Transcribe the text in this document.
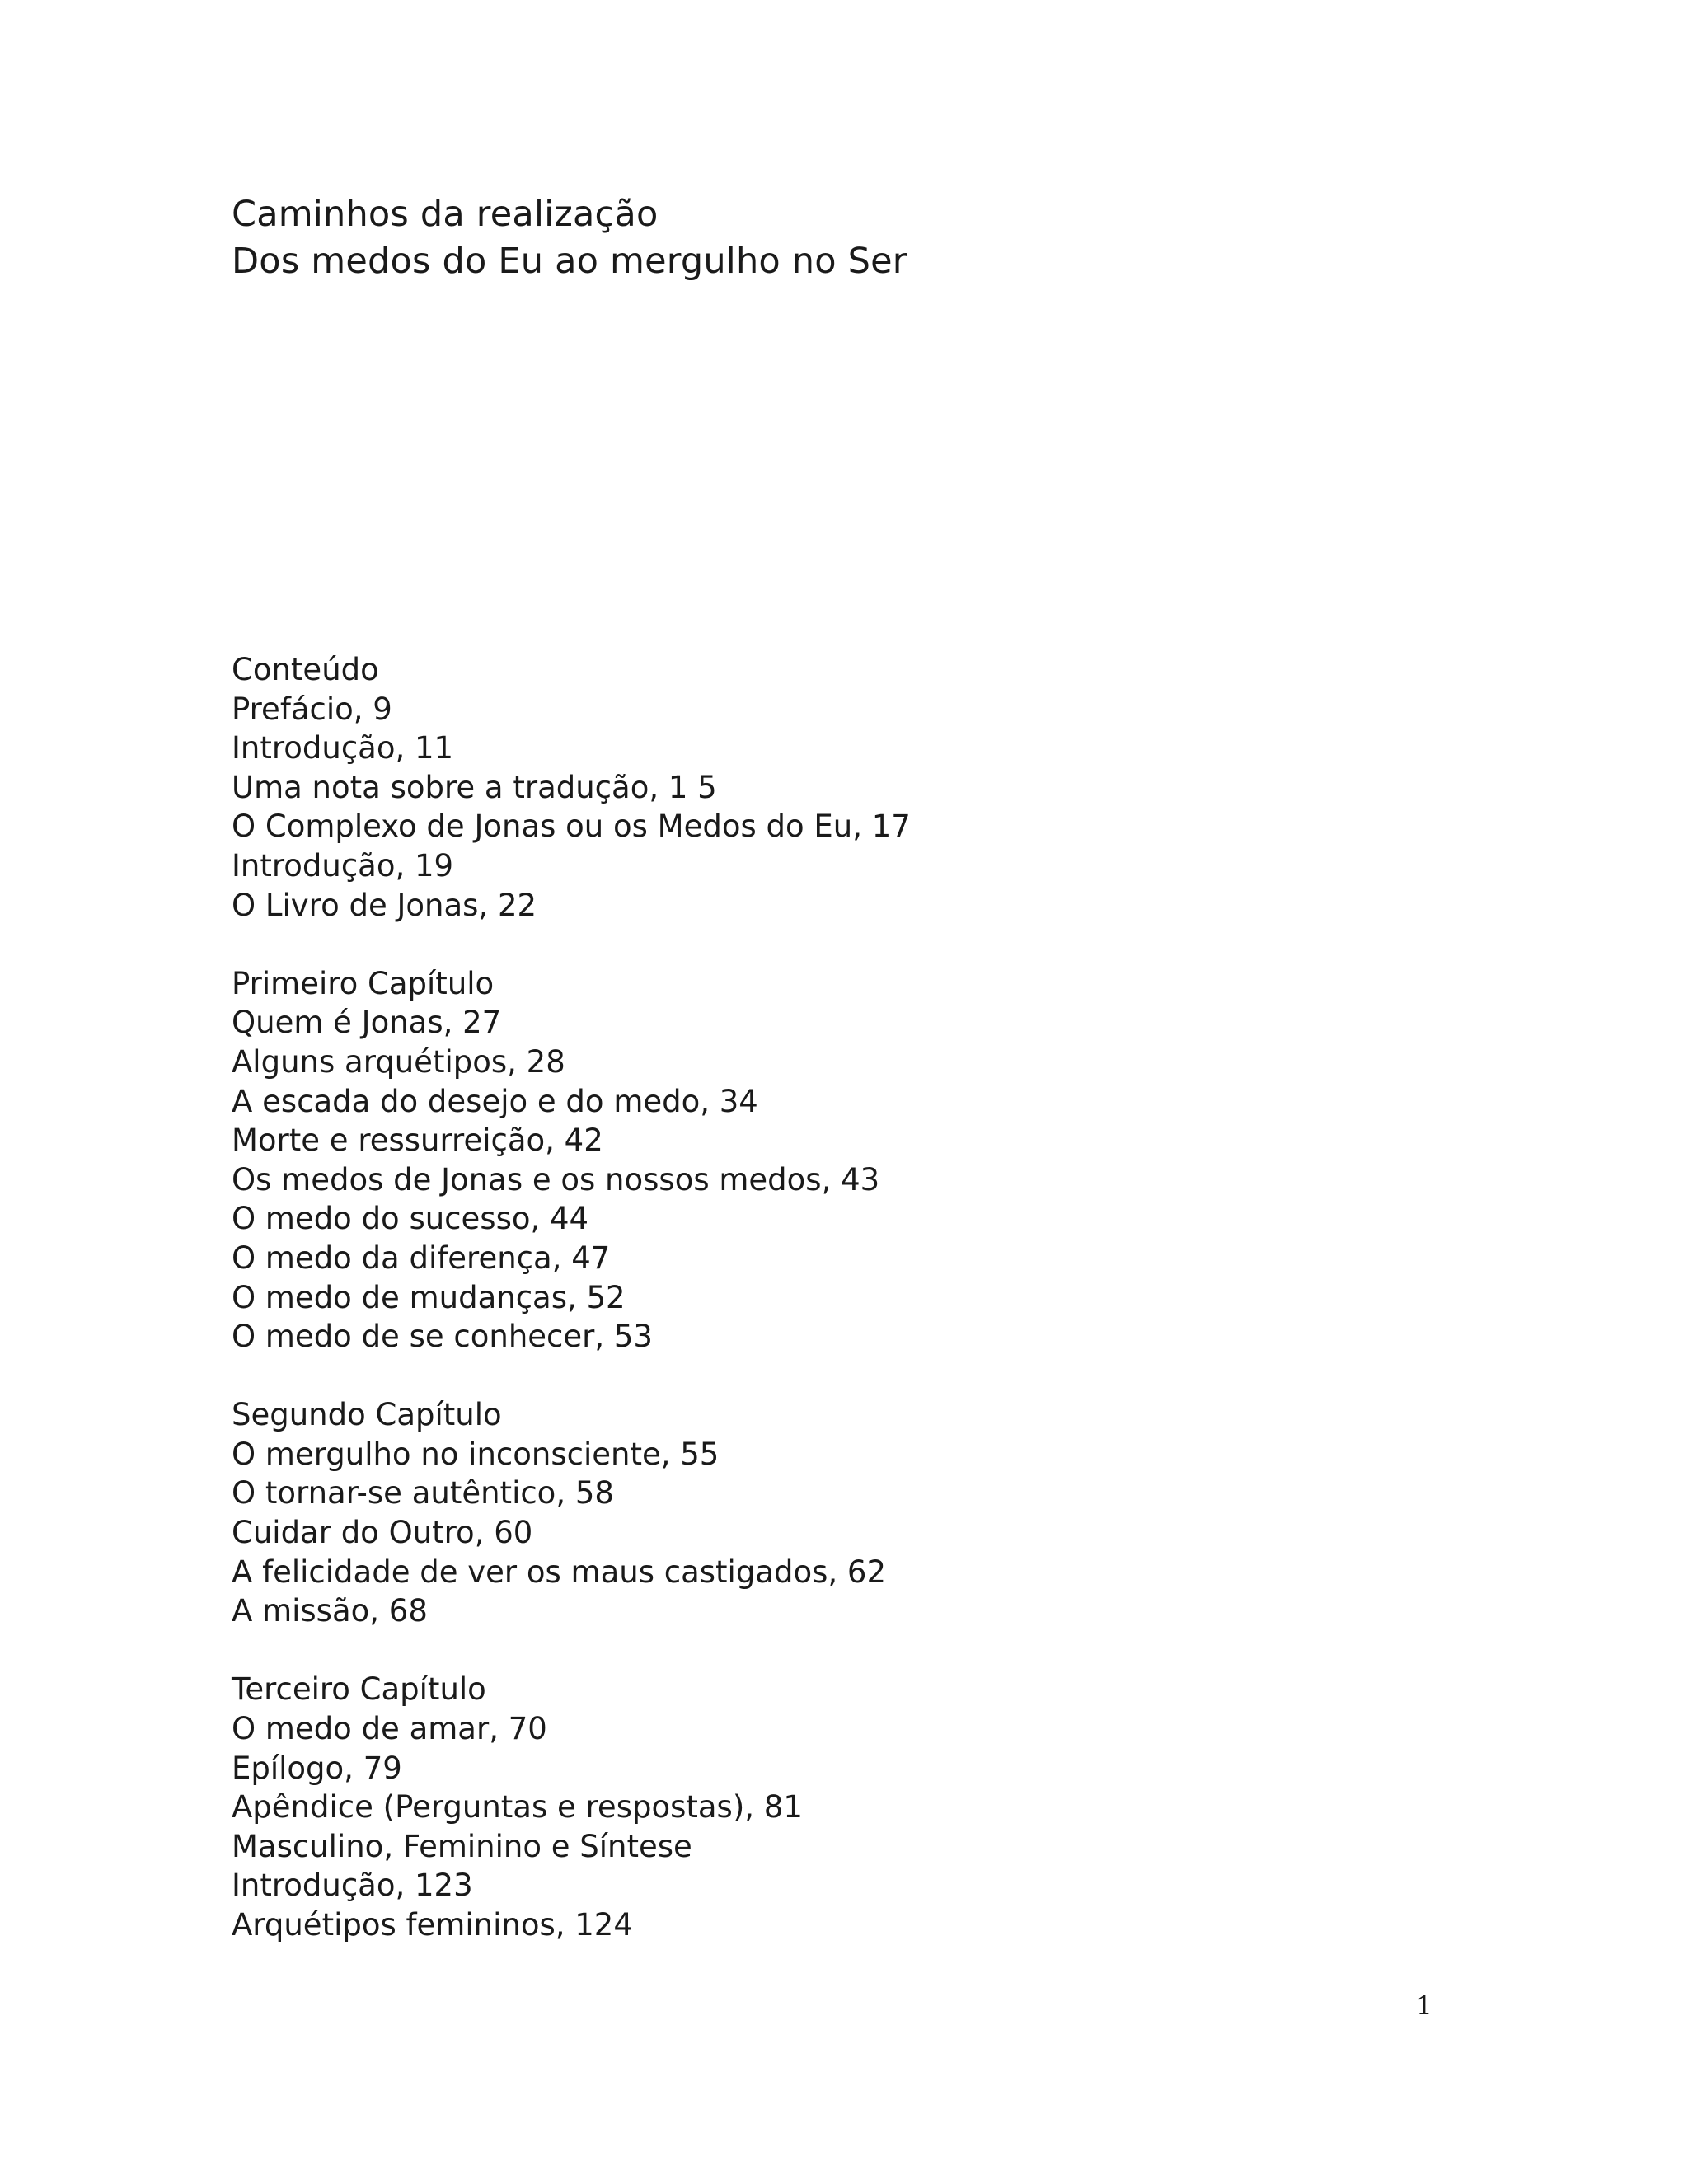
Caminhos da realização
Dos medos do Eu ao mergulho no Ser
Conteúdo
Prefácio, 9
Introdução, 11
Uma nota sobre a tradução, 1 5
O Complexo de Jonas ou os Medos do Eu, 17
Introdução, 19
O Livro de Jonas, 22
Primeiro Capítulo
Quem é Jonas, 27
Alguns arquétipos, 28
A escada do desejo e do medo, 34
Morte e ressurreição, 42
Os medos de Jonas e os nossos medos, 43
O medo do sucesso, 44
O medo da diferença, 47
O medo de mudanças, 52
O medo de se conhecer, 53
Segundo Capítulo
O mergulho no inconsciente, 55
O tornar-se autêntico, 58
Cuidar do Outro, 60
A felicidade de ver os maus castigados, 62
A missão, 68
Terceiro Capítulo
O medo de amar, 70
Epílogo, 79
Apêndice (Perguntas e respostas), 81
Masculino, Feminino e Síntese
Introdução, 123
Arquétipos femininos, 124
1
